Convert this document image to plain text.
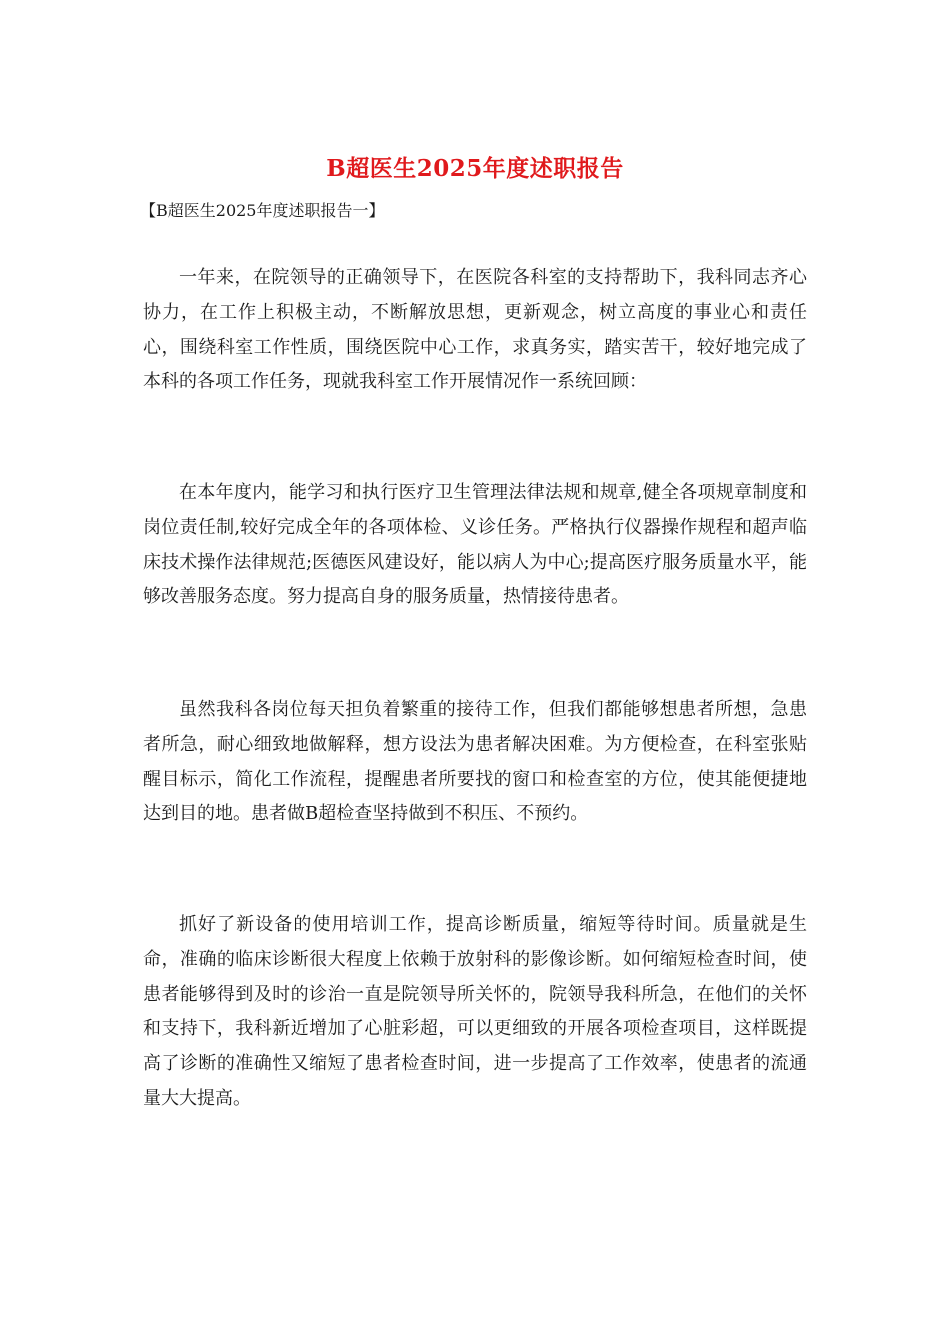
B超医生2025年度述职报告
【B超医生2025年度述职报告一】

一年来，在院领导的正确领导下，在医院各科室的支持帮助下，我科同志齐心协力，在工作上积极主动，不断解放思想，更新观念，树立高度的事业心和责任心，围绕科室工作性质，围绕医院中心工作，求真务实，踏实苦干，较好地完成了本科的各项工作任务，现就我科室工作开展情况作一系统回顾：

在本年度内，能学习和执行医疗卫生管理法律法规和规章,健全各项规章制度和岗位责任制,较好完成全年的各项体检、义诊任务。严格执行仪器操作规程和超声临床技术操作法律规范;医德医风建设好，能以病人为中心;提高医疗服务质量水平，能够改善服务态度。努力提高自身的服务质量，热情接待患者。

虽然我科各岗位每天担负着繁重的接待工作，但我们都能够想患者所想，急患者所急，耐心细致地做解释，想方设法为患者解决困难。为方便检查，在科室张贴醒目标示，简化工作流程，提醒患者所要找的窗口和检查室的方位，使其能便捷地达到目的地。患者做B超检查坚持做到不积压、不预约。

抓好了新设备的使用培训工作，提高诊断质量，缩短等待时间。质量就是生命，准确的临床诊断很大程度上依赖于放射科的影像诊断。如何缩短检查时间，使患者能够得到及时的诊治一直是院领导所关怀的，院领导我科所急，在他们的关怀和支持下，我科新近增加了心脏彩超，可以更细致的开展各项检查项目，这样既提高了诊断的准确性又缩短了患者检查时间，进一步提高了工作效率，使患者的流通量大大提高。
